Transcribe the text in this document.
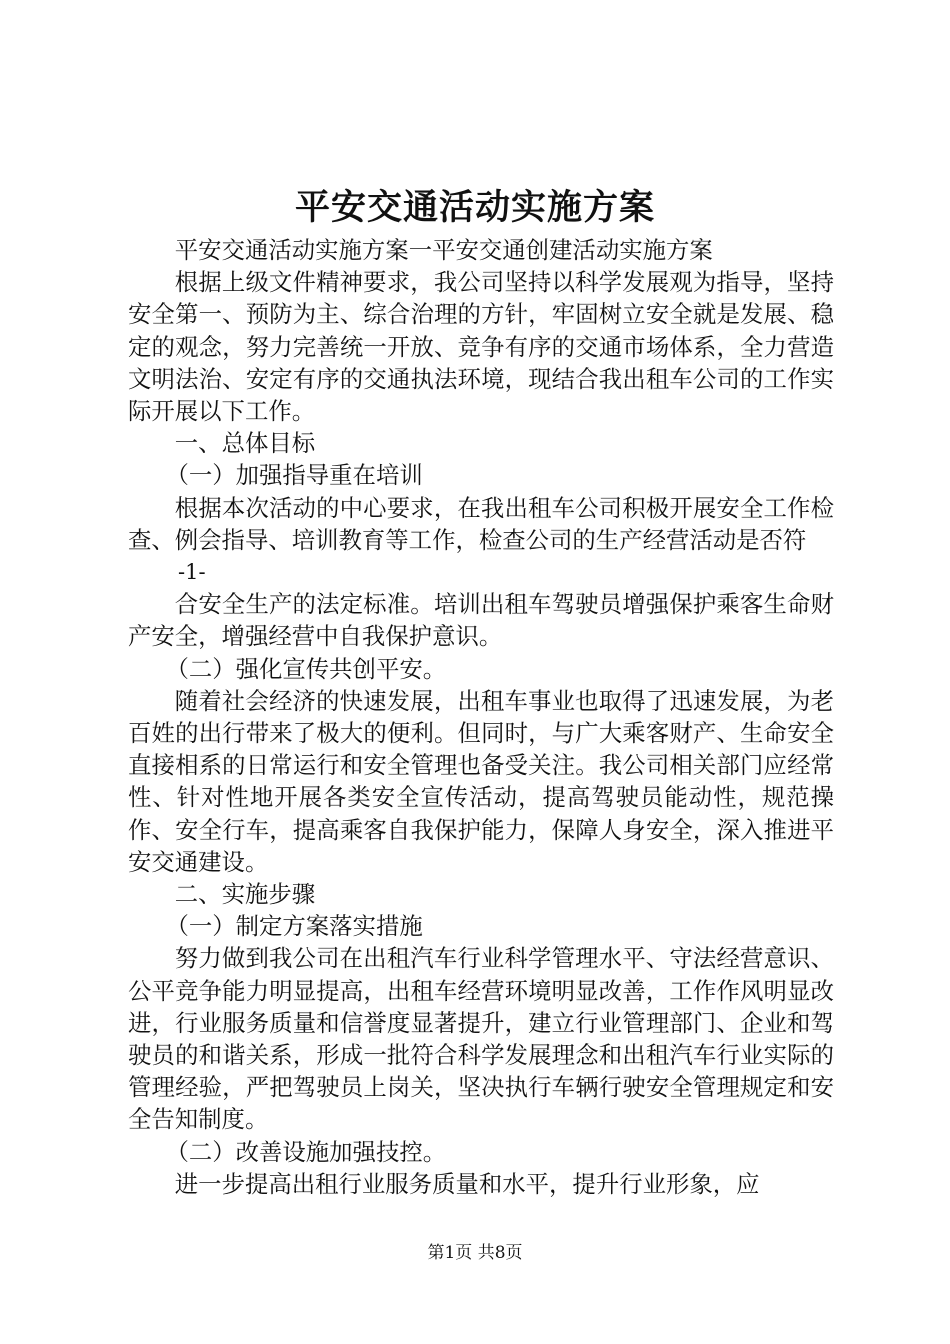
平安交通活动实施方案

平安交通活动实施方案一平安交通创建活动实施方案

根据上级文件精神要求，我公司坚持以科学发展观为指导，坚持安全第一、预防为主、综合治理的方针，牢固树立安全就是发展、稳定的观念，努力完善统一开放、竞争有序的交通市场体系，全力营造文明法治、安定有序的交通执法环境，现结合我出租车公司的工作实际开展以下工作。

一、总体目标

（一）加强指导重在培训

根据本次活动的中心要求，在我出租车公司积极开展安全工作检查、例会指导、培训教育等工作，检查公司的生产经营活动是否符

-1-

合安全生产的法定标准。培训出租车驾驶员增强保护乘客生命财产安全，增强经营中自我保护意识。

（二）强化宣传共创平安。

随着社会经济的快速发展，出租车事业也取得了迅速发展，为老百姓的出行带来了极大的便利。但同时，与广大乘客财产、生命安全直接相系的日常运行和安全管理也备受关注。我公司相关部门应经常性、针对性地开展各类安全宣传活动，提高驾驶员能动性，规范操作、安全行车，提高乘客自我保护能力，保障人身安全，深入推进平安交通建设。

二、实施步骤

（一）制定方案落实措施

努力做到我公司在出租汽车行业科学管理水平、守法经营意识、公平竞争能力明显提高，出租车经营环境明显改善，工作作风明显改进，行业服务质量和信誉度显著提升，建立行业管理部门、企业和驾驶员的和谐关系，形成一批符合科学发展理念和出租汽车行业实际的管理经验，严把驾驶员上岗关，坚决执行车辆行驶安全管理规定和安全告知制度。

（二）改善设施加强技控。

进一步提高出租行业服务质量和水平，提升行业形象，应

第1页 共8页
